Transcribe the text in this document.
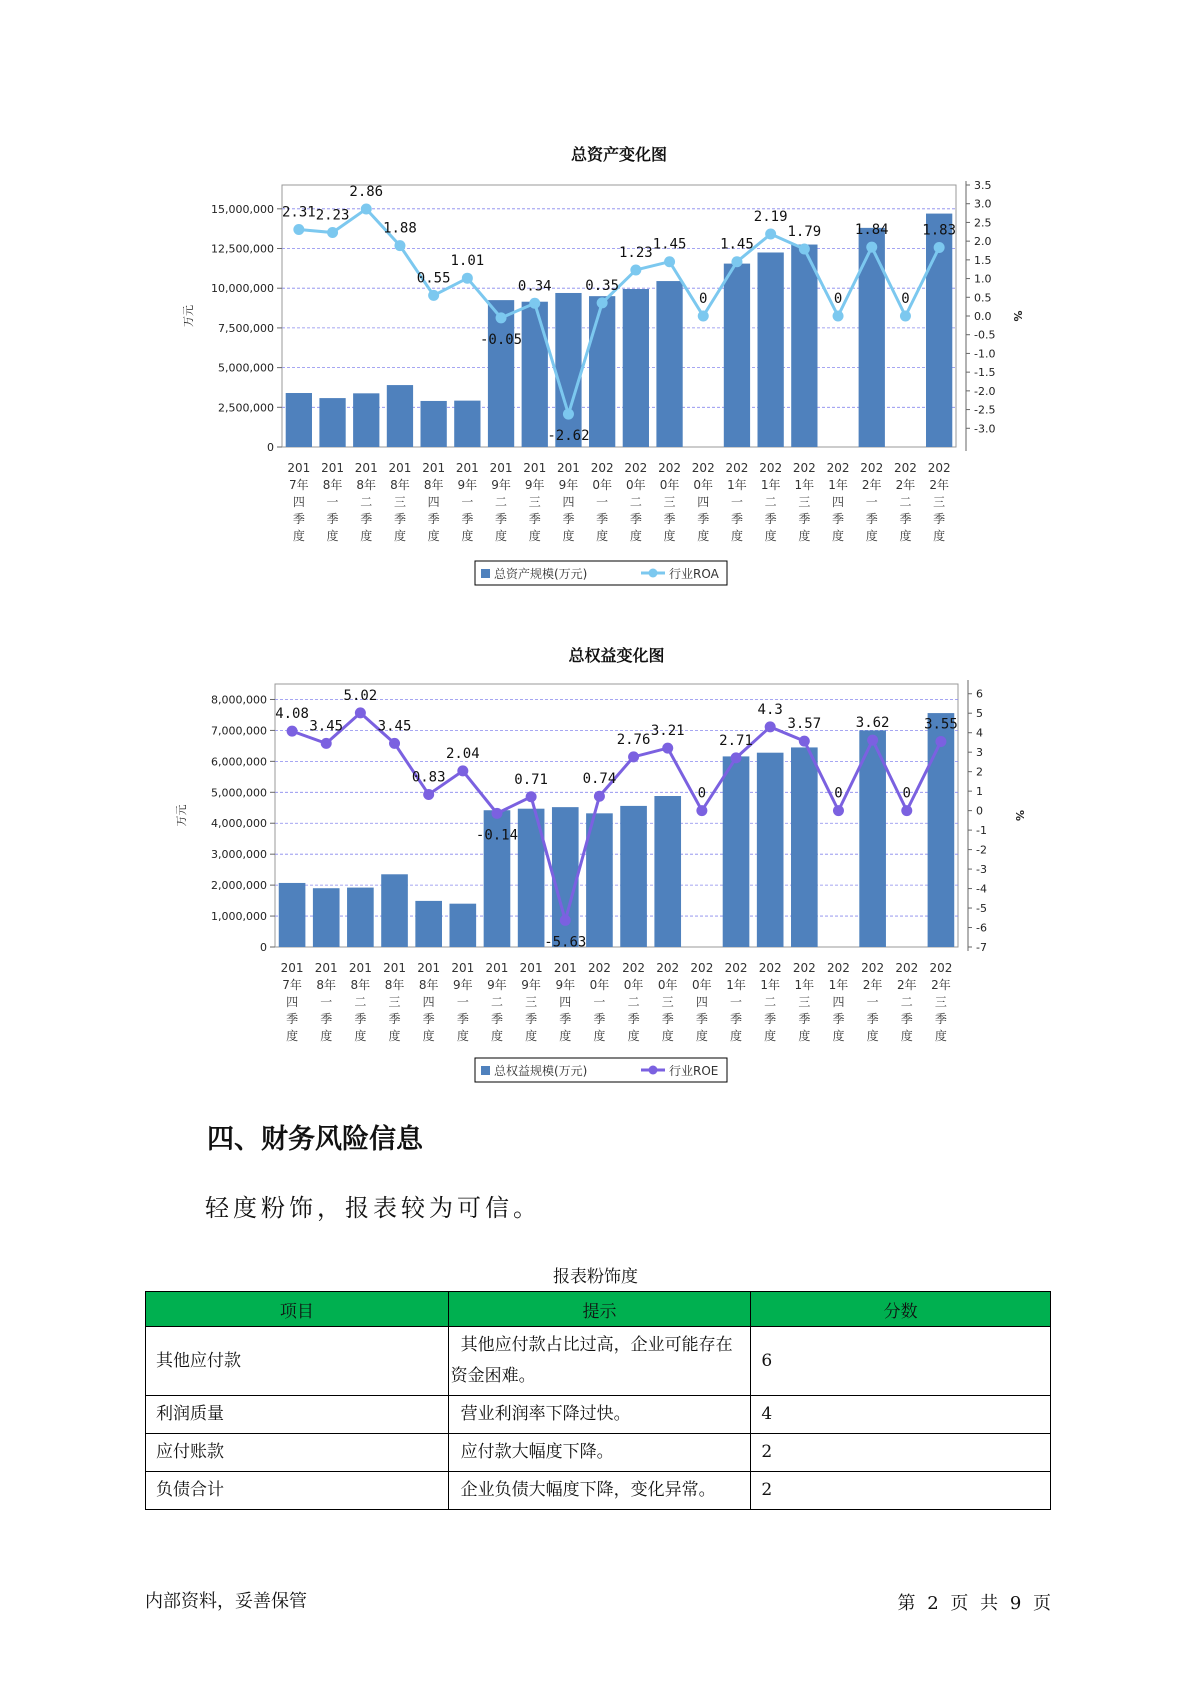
总资产变化图
0
2,500,000
5,000,000
7,500,000
10,000,000
12,500,000
15,000,000
3.5
3.0
2.5
2.0
1.5
1.0
0.5
0.0
-0.5
-1.0
-1.5
-2.0
-2.5
-3.0
万元	%
201
7年
四
季
度
201
8年
一
季
度
201
8年
二
季
度
201
8年
三
季
度
201
8年
四
季
度
201
9年
一
季
度
201
9年
二
季
度
201
9年
三
季
度
201
9年
四
季
度
202
0年
一
季
度
202
0年
二
季
度
202
0年
三
季
度
202
0年
四
季
度
202
1年
一
季
度
202
1年
二
季
度
202
1年
三
季
度
202
1年
四
季
度
202
2年
一
季
度
202
2年
二
季
度
202
2年
三
季
度
2.31 2.23
2.86
1.88
0.55
1.01
-0.05
0.34
-2.62
0.35
1.23
1.45
0
1.45
2.19
1.79
0
1.84
0
1.83
总资产规模(万元)	行业ROA
总权益变化图
0
1,000,000
2,000,000
3,000,000
4,000,000
5,000,000
6,000,000
7,000,000
8,000,000	6
5
4
3
2
1
0
-1
-2
-3
-4
-5
-6
-7
万元	%
201
7年
四
季
度
201
8年
一
季
度
201
8年
二
季
度
201
8年
三
季
度
201
8年
四
季
度
201
9年
一
季
度
201
9年
二
季
度
201
9年
三
季
度
201
9年
四
季
度
202
0年
一
季
度
202
0年
二
季
度
202
0年
三
季
度
202
0年
四
季
度
202
1年
一
季
度
202
1年
二
季
度
202
1年
三
季
度
202
1年
四
季
度
202
2年
一
季
度
202
2年
二
季
度
202
2年
三
季
度
4.08
3.45
5.02
3.45
0.83
2.04
-0.14
0.71
-5.63
0.74
2.76
3.21
0
2.71
4.3
3.57
0
3.62
0
3.55
总权益规模(万元)	行业ROE
四、财务风险信息
轻度粉饰，报表较为可信。
报表粉饰度
项目	提示	分数
其他应付款	其他应付款占比过高，企业可能存在资金困难。	6
利润质量	营业利润率下降过快。	4
应付账款	应付款大幅度下降。	2
负债合计	企业负债大幅度下降，变化异常。	2
内部资料，妥善保管	第 2 页 共 9 页
